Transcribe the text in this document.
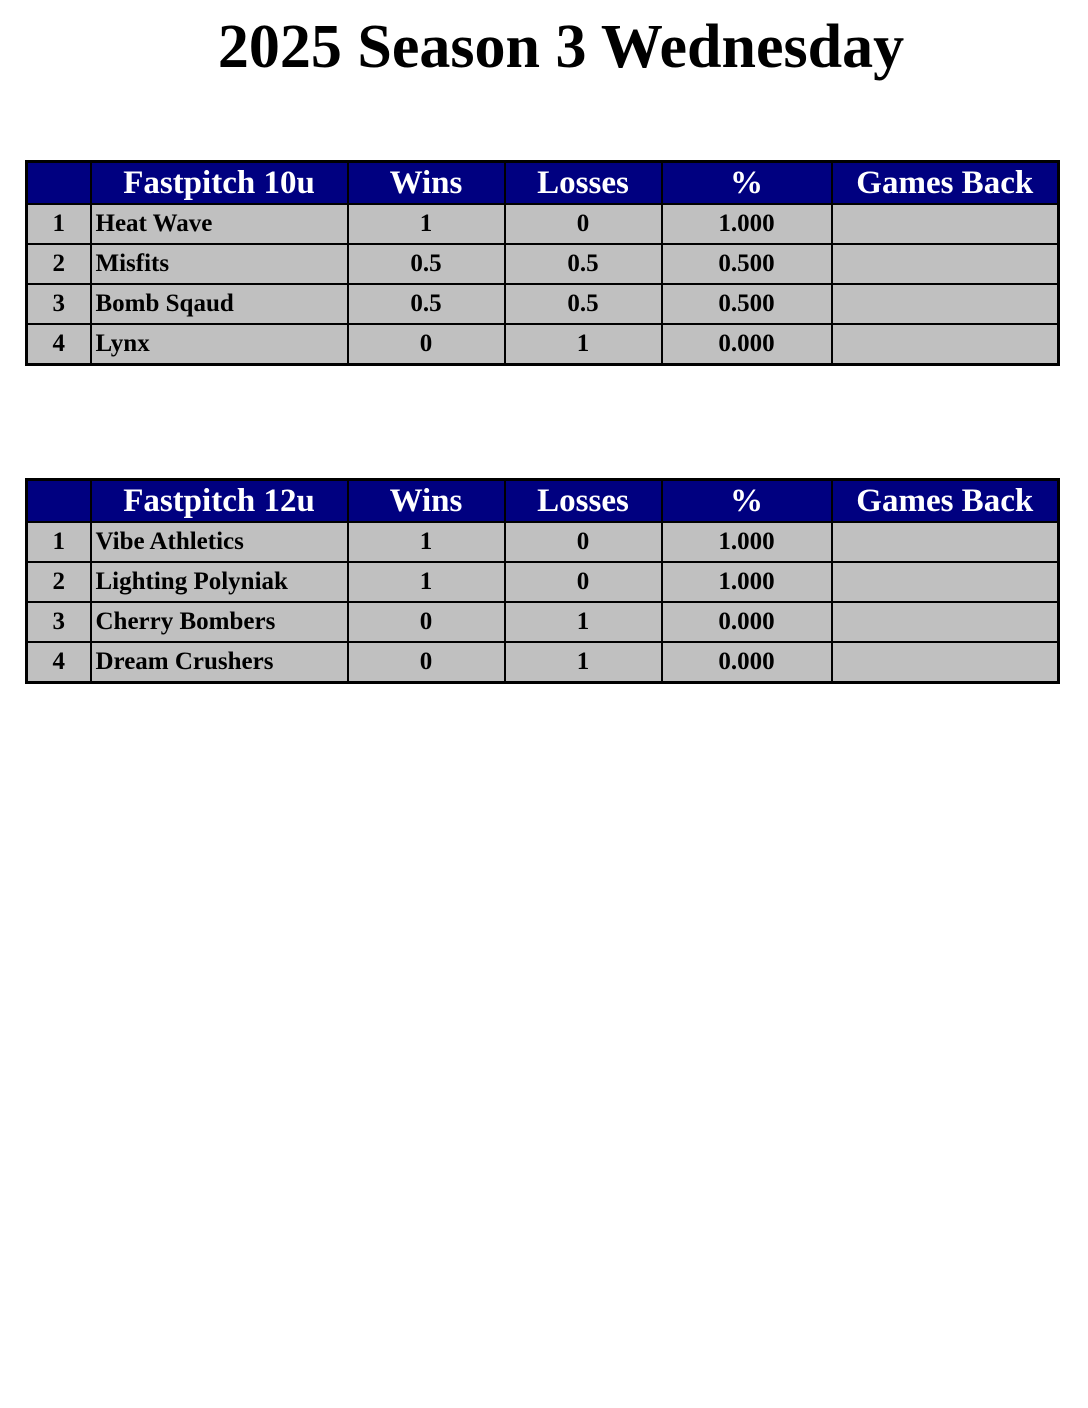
2025 Season 3 Wednesday
	Fastpitch 10u	Wins	Losses	%	Games Back
1	Heat Wave	1	0	1.000	
2	Misfits	0.5	0.5	0.500	
3	Bomb Sqaud	0.5	0.5	0.500	
4	Lynx	0	1	0.000	
	Fastpitch 12u	Wins	Losses	%	Games Back
1	Vibe Athletics	1	0	1.000	
2	Lighting Polyniak	1	0	1.000	
3	Cherry Bombers	0	1	0.000	
4	Dream Crushers	0	1	0.000	
